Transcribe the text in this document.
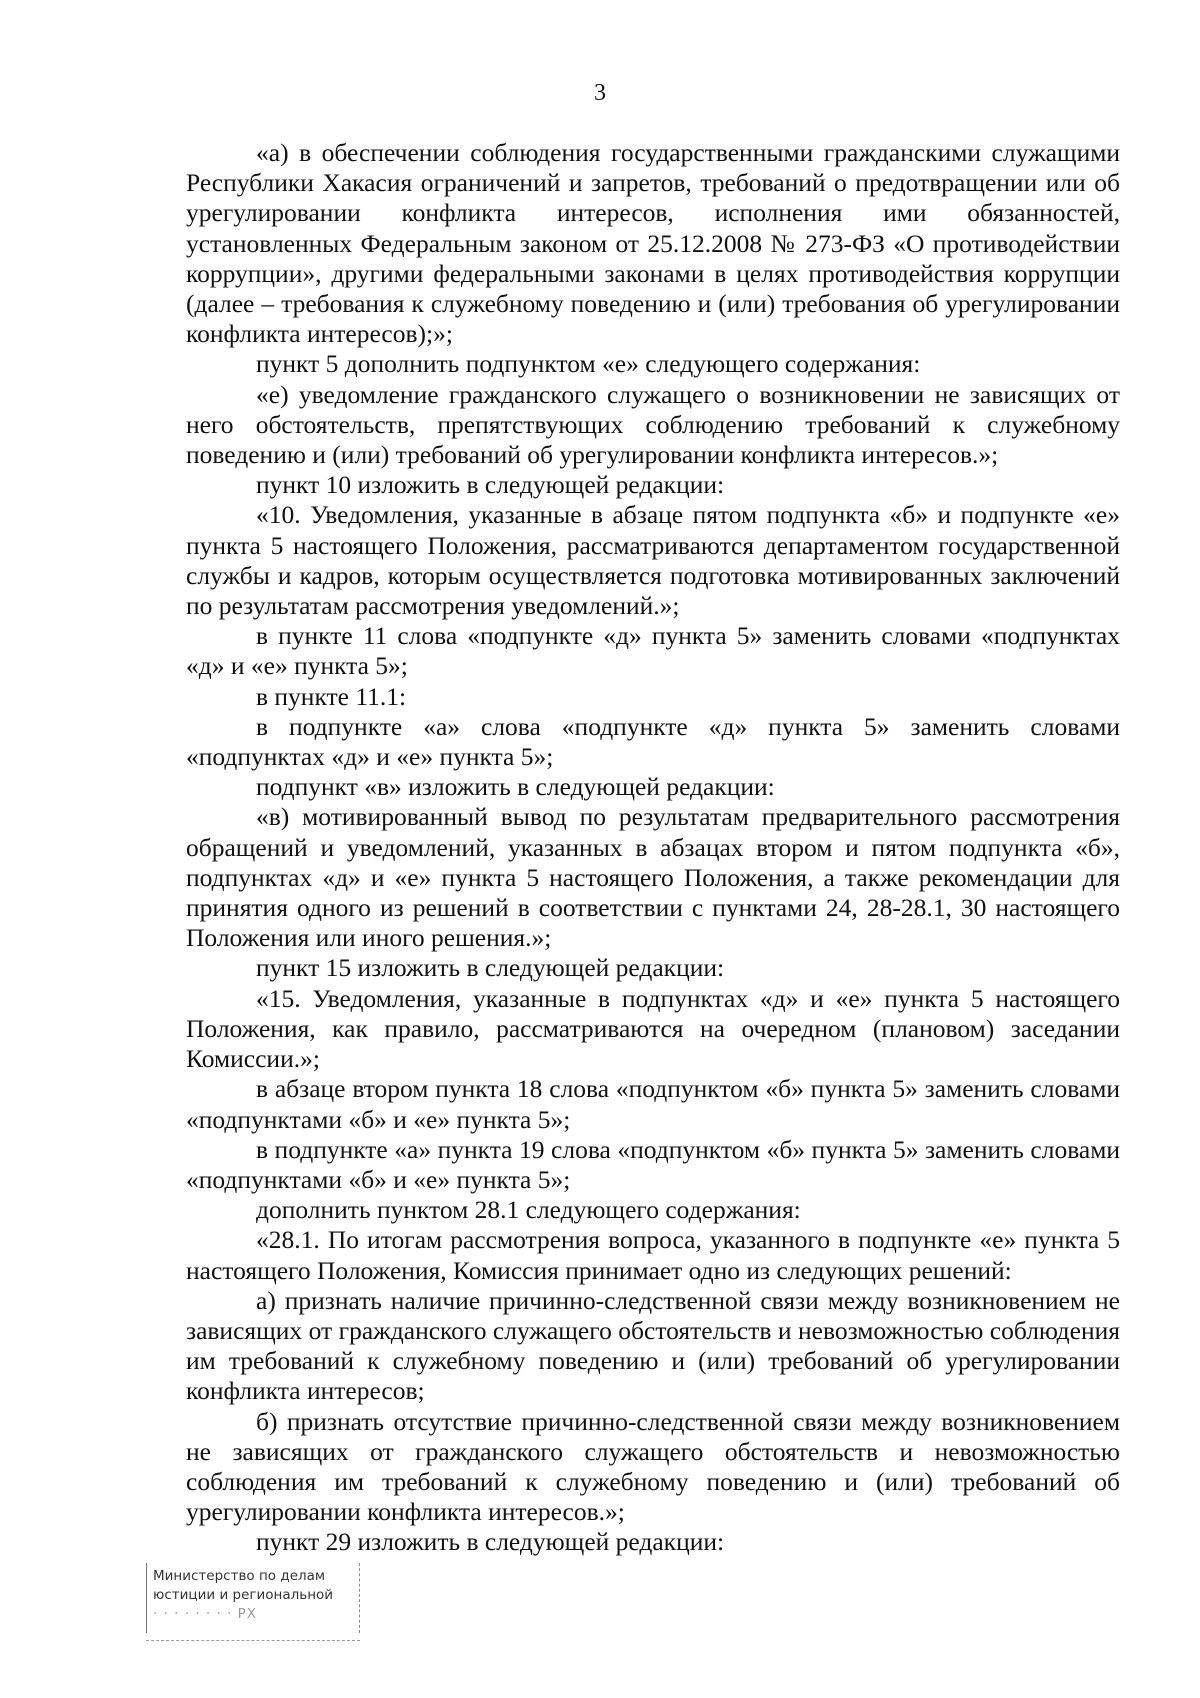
3

«а) в обеспечении соблюдения государственными гражданскими служащими Республики Хакасия ограничений и запретов, требований о предотвращении или об урегулировании конфликта интересов, исполнения ими обязанностей, установленных Федеральным законом от 25.12.2008 № 273-ФЗ «О противодействии коррупции», другими федеральными законами в целях противодействия коррупции (далее – требования к служебному поведению и (или) требования об урегулировании конфликта интересов);»;

пункт 5 дополнить подпунктом «е» следующего содержания:

«е) уведомление гражданского служащего о возникновении не зависящих от него обстоятельств, препятствующих соблюдению требований к служебному поведению и (или) требований об урегулировании конфликта интересов.»;

пункт 10 изложить в следующей редакции:

«10. Уведомления, указанные в абзаце пятом подпункта «б» и подпункте «е» пункта 5 настоящего Положения, рассматриваются департаментом государственной службы и кадров, которым осуществляется подготовка мотивированных заключений по результатам рассмотрения уведомлений.»;

в пункте 11 слова «подпункте «д» пункта 5» заменить словами «подпунктах «д» и «е» пункта 5»;

в пункте 11.1:

в подпункте «а» слова «подпункте «д» пункта 5» заменить словами «подпунктах «д» и «е» пункта 5»;

подпункт «в» изложить в следующей редакции:

«в) мотивированный вывод по результатам предварительного рассмотрения обращений и уведомлений, указанных в абзацах втором и пятом подпункта «б», подпунктах «д» и «е» пункта 5 настоящего Положения, а также рекомендации для принятия одного из решений в соответствии с пунктами 24, 28-28.1, 30 настоящего Положения или иного решения.»;

пункт 15 изложить в следующей редакции:

«15. Уведомления, указанные в подпунктах «д» и «е» пункта 5 настоящего Положения, как правило, рассматриваются на очередном (плановом) заседании Комиссии.»;

в абзаце втором пункта 18 слова «подпунктом «б» пункта 5» заменить словами «подпунктами «б» и «е» пункта 5»;

в подпункте «а» пункта 19 слова «подпунктом «б» пункта 5» заменить словами «подпунктами «б» и «е» пункта 5»;

дополнить пунктом 28.1 следующего содержания:

«28.1. По итогам рассмотрения вопроса, указанного в подпункте «е» пункта 5 настоящего Положения, Комиссия принимает одно из следующих решений:

а) признать наличие причинно-следственной связи между возникновением не зависящих от гражданского служащего обстоятельств и невозможностью соблюдения им требований к служебному поведению и (или) требований об урегулировании конфликта интересов;

б) признать отсутствие причинно-следственной связи между возникновением не зависящих от гражданского служащего обстоятельств и невозможностью соблюдения им требований к служебному поведению и (или) требований об урегулировании конфликта интересов.»;

пункт 29 изложить в следующей редакции:

Министерство по делам
юстиции и региональной
· · · · · · · · РХ
